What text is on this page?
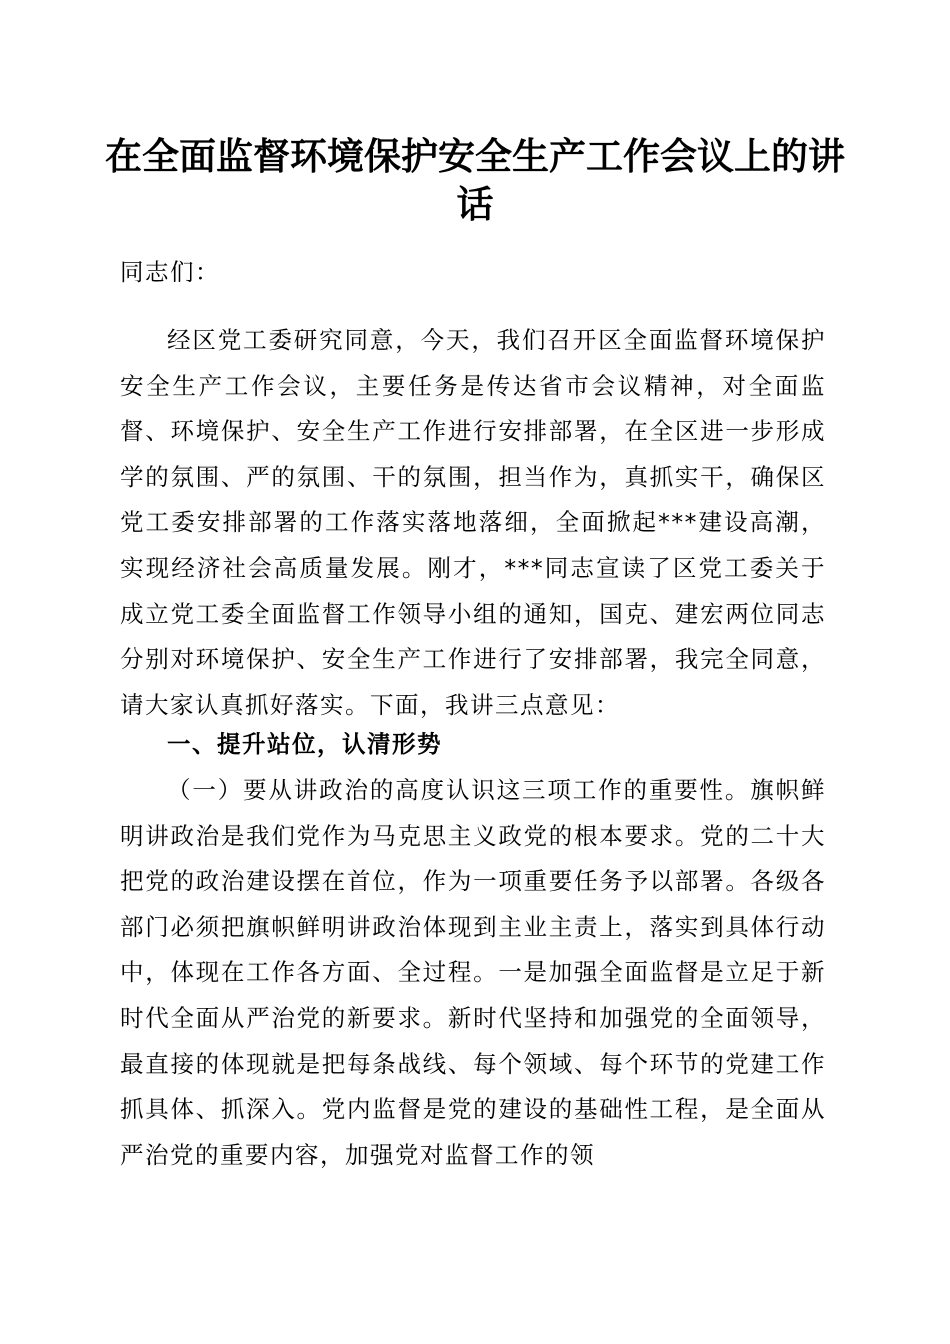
在全面监督环境保护安全生产工作会议上的讲话

同志们：

经区党工委研究同意，今天，我们召开区全面监督环境保护安全生产工作会议，主要任务是传达省市会议精神，对全面监督、环境保护、安全生产工作进行安排部署，在全区进一步形成学的氛围、严的氛围、干的氛围，担当作为，真抓实干，确保区党工委安排部署的工作落实落地落细，全面掀起***建设高潮，实现经济社会高质量发展。刚才，***同志宣读了区党工委关于成立党工委全面监督工作领导小组的通知，国克、建宏两位同志分别对环境保护、安全生产工作进行了安排部署，我完全同意，请大家认真抓好落实。下面，我讲三点意见：

一、提升站位，认清形势

（一）要从讲政治的高度认识这三项工作的重要性。旗帜鲜明讲政治是我们党作为马克思主义政党的根本要求。党的二十大把党的政治建设摆在首位，作为一项重要任务予以部署。各级各部门必须把旗帜鲜明讲政治体现到主业主责上，落实到具体行动中，体现在工作各方面、全过程。一是加强全面监督是立足于新时代全面从严治党的新要求。新时代坚持和加强党的全面领导，最直接的体现就是把每条战线、每个领域、每个环节的党建工作抓具体、抓深入。党内监督是党的建设的基础性工程，是全面从严治党的重要内容，加强党对监督工作的领
